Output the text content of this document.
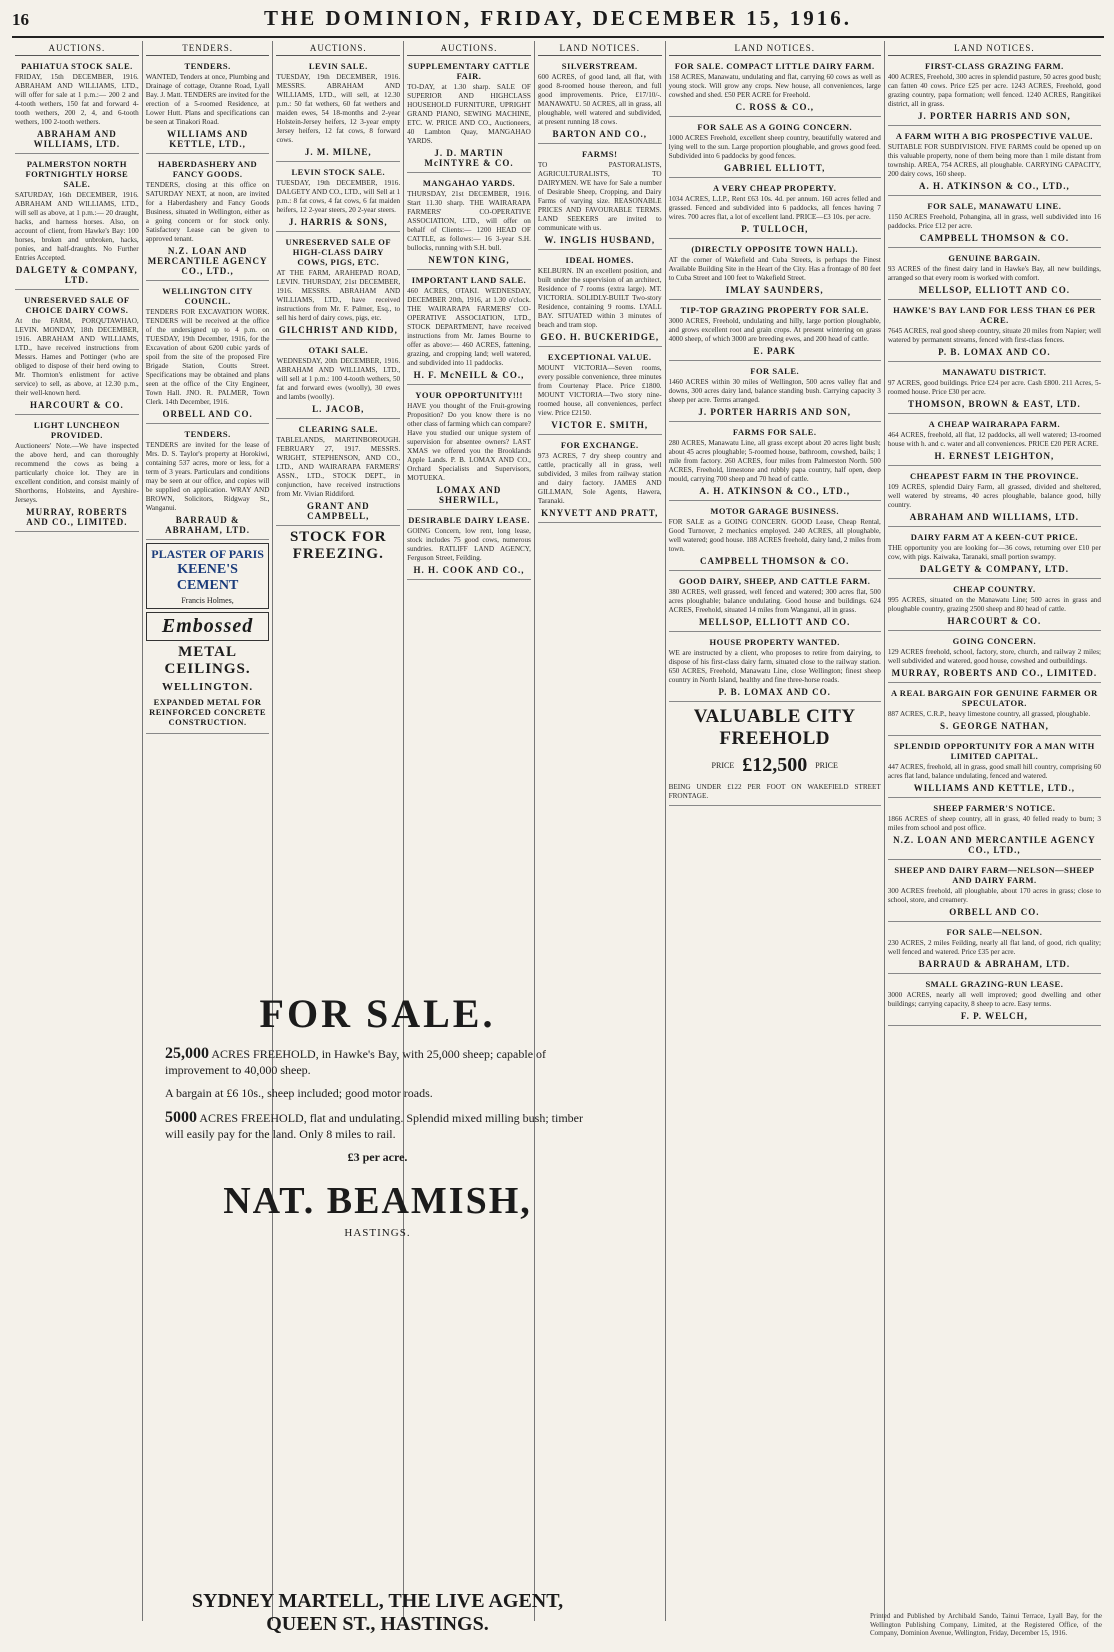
16	THE DOMINION, FRIDAY, DECEMBER 15, 1916.
AUCTIONS.
PAHIATUA STOCK SALE.

FRIDAY, 15th DECEMBER, 1916. ABRAHAM AND WILLIAMS, LTD., will offer for sale at 1 p.m.:— 200 2 and 4-tooth wethers, 150 fat and forward 4-tooth wethers, 200 2, 4, and 6-tooth wethers, 100 2-tooth wethers.

ABRAHAM AND WILLIAMS, LTD.
PALMERSTON NORTH FORTNIGHTLY HORSE SALE.

SATURDAY, 16th DECEMBER, 1916. ABRAHAM AND WILLIAMS, LTD., will sell as above, at 1 p.m.:— 20 draught, hacks, and harness horses. Also, on account of client, from Hawke's Bay: 100 horses, broken and unbroken, hacks, ponies, and half-draughts. No Further Entries Accepted.

DALGETY & COMPANY, LTD.
UNRESERVED SALE OF CHOICE DAIRY COWS.

At the FARM, PORQUTAWHAO, LEVIN. MONDAY, 18th DECEMBER, 1916. ABRAHAM AND WILLIAMS, LTD., have received instructions from Messrs. Hames and Pottinger (who are obliged to dispose of their herd owing to Mr. Thornton's enlistment for active service) to sell, as above, at 12.30 p.m., their well-known herd.

HARCOURT & CO.
LIGHT LUNCHEON PROVIDED.

Auctioneers' Note.—We have inspected the above herd, and can thoroughly recommend the cows as being a particularly choice lot. They are in excellent condition, and consist mainly of Shorthorns, Holsteins, and Ayrshire-Jerseys.

MURRAY, ROBERTS AND CO., LIMITED.
TENDERS.
TENDERS.

WANTED, Tenders at once, Plumbing and Drainage of cottage, Ozanne Road, Lyall Bay. J. Matt. TENDERS are invited for the erection of a 5-roomed Residence, at Lower Hutt. Plans and specifications can be seen at Tinakori Road.

WILLIAMS AND KETTLE, LTD.,
HABERDASHERY AND FANCY GOODS.

TENDERS, closing at this office on SATURDAY NEXT, at noon, are invited for a Haberdashery and Fancy Goods Business, situated in Wellington, either as a going concern or for stock only. Satisfactory Lease can be given to approved tenant.

N.Z. LOAN AND MERCANTILE AGENCY CO., LTD.,
WELLINGTON CITY COUNCIL.

TENDERS FOR EXCAVATION WORK. TENDERS will be received at the office of the undersigned up to 4 p.m. on TUESDAY, 19th December, 1916, for the Excavation of about 6200 cubic yards of spoil from the site of the proposed Fire Brigade Station, Coutts Street. Specifications may be obtained and plans seen at the office of the City Engineer, Town Hall. JNO. R. PALMER, Town Clerk. 14th December, 1916.

ORBELL AND CO.
TENDERS.

TENDERS are invited for the lease of Mrs. D. S. Taylor's property at Horokiwi, containing 537 acres, more or less, for a term of 3 years. Particulars and conditions may be seen at our office, and copies will be supplied on application. WRAY AND BROWN, Solicitors, Ridgway St., Wanganui.

BARRAUD & ABRAHAM, LTD.
PLASTER OF PARIS
KEENE'S
CEMENT
Francis Holmes,
Embossed
METAL CEILINGS.
WELLINGTON.
EXPANDED METAL FOR REINFORCED CONCRETE CONSTRUCTION.
AUCTIONS.
LEVIN SALE.

TUESDAY, 19th DECEMBER, 1916. MESSRS. ABRAHAM AND WILLIAMS, LTD., will sell, at 12.30 p.m.: 50 fat wethers, 60 fat wethers and maiden ewes, 54 18-months and 2-year Holstein-Jersey heifers, 12 3-year empty Jersey heifers, 12 fat cows, 8 forward cows.

J. M. MILNE,
LEVIN STOCK SALE.

TUESDAY, 19th DECEMBER, 1916. DALGETY AND CO., LTD., will Sell at 1 p.m.: 8 fat cows, 4 fat cows, 6 fat maiden heifers, 12 2-year steers, 20 2-year steers.

J. HARRIS & SONS,
UNRESERVED SALE OF HIGH-CLASS DAIRY COWS, PIGS, ETC.

AT THE FARM, ARAHEPAD ROAD, LEVIN. THURSDAY, 21st DECEMBER, 1916. MESSRS. ABRAHAM AND WILLIAMS, LTD., have received instructions from Mr. F. Palmer, Esq., to sell his herd of dairy cows, pigs, etc.

GILCHRIST AND KIDD,
OTAKI SALE.

WEDNESDAY, 20th DECEMBER, 1916. ABRAHAM AND WILLIAMS, LTD., will sell at 1 p.m.: 100 4-tooth wethers, 50 fat and forward ewes (woolly), 30 ewes and lambs (woolly).

L. JACOB,
CLEARING SALE.

TABLELANDS, MARTINBOROUGH. FEBRUARY 27, 1917. MESSRS. WRIGHT, STEPHENSON, AND CO., LTD., AND WAIRARAPA FARMERS' ASSN., LTD., STOCK DEPT., in conjunction, have received instructions from Mr. Vivian Riddiford.

GRANT AND CAMPBELL,
STOCK FOR FREEZING.
AUCTIONS.
SUPPLEMENTARY CATTLE FAIR.

TO-DAY, at 1.30 sharp. SALE OF SUPERIOR AND HIGHCLASS HOUSEHOLD FURNITURE, UPRIGHT GRAND PIANO, SEWING MACHINE, ETC. W. PRICE AND CO., Auctioneers, 40 Lambton Quay, MANGAHAO YARDS.

J. D. MARTIN McINTYRE & CO.
MANGAHAO YARDS.

THURSDAY, 21st DECEMBER, 1916. Start 11.30 sharp. THE WAIRARAPA FARMERS' CO-OPERATIVE ASSOCIATION, LTD., will offer on behalf of Clients:— 1200 HEAD OF CATTLE, as follows:— 16 3-year S.H. bullocks, running with S.H. bull.

NEWTON KING,
IMPORTANT LAND SALE.

460 ACRES, OTAKI. WEDNESDAY, DECEMBER 20th, 1916, at 1.30 o'clock. THE WAIRARAPA FARMERS' CO-OPERATIVE ASSOCIATION, LTD., STOCK DEPARTMENT, have received instructions from Mr. James Bourne to offer as above:— 460 ACRES, fattening, grazing, and cropping land; well watered, and subdivided into 11 paddocks.

H. F. McNEILL & CO.,
YOUR OPPORTUNITY!!!

HAVE you thought of the Fruit-growing Proposition? Do you know there is no other class of farming which can compare? Have you studied our unique system of supervision for absentee owners? LAST XMAS we offered you the Brooklands Apple Lands. P. B. LOMAX AND CO., Orchard Specialists and Supervisors, MOTUEKA.

LOMAX AND SHERWILL,
DESIRABLE DAIRY LEASE.

GOING Concern, low rent, long lease, stock includes 75 good cows, numerous sundries. RATLIFF LAND AGENCY, Ferguson Street, Feilding.

H. H. COOK AND CO.,
LAND NOTICES.
SILVERSTREAM.

600 ACRES, of good land, all flat, with good 8-roomed house thereon, and full good improvements. Price, £17/10/-. MANAWATU. 50 ACRES, all in grass, all ploughable, well watered and subdivided, at present running 18 cows.

BARTON AND CO.,
FARMS!

TO PASTORALISTS, AGRICULTURALISTS, TO DAIRYMEN. WE have for Sale a number of Desirable Sheep, Cropping, and Dairy Farms of varying size. REASONABLE PRICES AND FAVOURABLE TERMS. LAND SEEKERS are invited to communicate with us.

W. INGLIS HUSBAND,
IDEAL HOMES.

KELBURN. IN an excellent position, and built under the supervision of an architect, Residence of 7 rooms (extra large). MT. VICTORIA. SOLIDLY-BUILT Two-story Residence, containing 9 rooms. LYALL BAY. SITUATED within 3 minutes of beach and tram stop.

GEO. H. BUCKERIDGE,
EXCEPTIONAL VALUE.

MOUNT VICTORIA—Seven rooms, every possible convenience, three minutes from Courtenay Place. Price £1800. MOUNT VICTORIA—Two story nine-roomed house, all conveniences, perfect view. Price £2150.

VICTOR E. SMITH,
FOR EXCHANGE.

973 ACRES, 7 dry sheep country and cattle, practically all in grass, well subdivided, 3 miles from railway station and dairy factory. JAMES AND GILLMAN, Sole Agents, Hawera, Taranaki.

KNYVETT AND PRATT,
LAND NOTICES.
FOR SALE. COMPACT LITTLE DAIRY FARM.

158 ACRES, Manawatu, undulating and flat, carrying 60 cows as well as young stock. Will grow any crops. New house, all conveniences, large cowshed and shed. £50 PER ACRE for Freehold.

C. ROSS & CO.,
FOR SALE AS A GOING CONCERN.

1000 ACRES Freehold, excellent sheep country, beautifully watered and lying well to the sun. Large proportion ploughable, and grows good feed. Subdivided into 6 paddocks by good fences.

GABRIEL ELLIOTT,
A VERY CHEAP PROPERTY.

1034 ACRES, L.I.P., Rent £63 10s. 4d. per annum. 160 acres felled and grassed. Fenced and subdivided into 6 paddocks, all fences having 7 wires. 700 acres flat, a lot of excellent land. PRICE—£3 10s. per acre.

P. TULLOCH,
(DIRECTLY OPPOSITE TOWN HALL).

AT the corner of Wakefield and Cuba Streets, is perhaps the Finest Available Building Site in the Heart of the City. Has a frontage of 80 feet to Cuba Street and 100 feet to Wakefield Street.

IMLAY SAUNDERS,
TIP-TOP GRAZING PROPERTY FOR SALE.

3000 ACRES, Freehold, undulating and hilly, large portion ploughable, and grows excellent root and grain crops. At present wintering on grass 4000 sheep, of which 3000 are breeding ewes, and 200 head of cattle.

E. PARK
FOR SALE.

1460 ACRES within 30 miles of Wellington, 500 acres valley flat and downs, 300 acres dairy land, balance standing bush. Carrying capacity 3 sheep per acre. Terms arranged.

J. PORTER HARRIS AND SON,
FARMS FOR SALE.

280 ACRES, Manawatu Line, all grass except about 20 acres light bush; about 45 acres ploughable; 5-roomed house, bathroom, cowshed, bails; 1 mile from factory. 260 ACRES, four miles from Palmerston North. 500 ACRES, Freehold, limestone and rubbly papa country, half open, deep mould, carrying 700 sheep and 70 head of cattle.

A. H. ATKINSON & CO., LTD.,
MOTOR GARAGE BUSINESS.

FOR SALE as a GOING CONCERN. GOOD Lease, Cheap Rental, Good Turnover, 2 mechanics employed. 240 ACRES, all ploughable, well watered; good house. 188 ACRES freehold, dairy land, 2 miles from town.

CAMPBELL THOMSON & CO.
GOOD DAIRY, SHEEP, AND CATTLE FARM.

380 ACRES, well grassed, well fenced and watered; 300 acres flat, 500 acres ploughable; balance undulating. Good house and buildings. 624 ACRES, Freehold, situated 14 miles from Wanganui, all in grass.

MELLSOP, ELLIOTT AND CO.
HOUSE PROPERTY WANTED.

WE are instructed by a client, who proposes to retire from dairying, to dispose of his first-class dairy farm, situated close to the railway station. 650 ACRES, Freehold, Manawatu Line, close Wellington; finest sheep country in North Island, healthy and fine three-horse roads.

P. B. LOMAX AND CO.
VALUABLE CITY FREEHOLD
PRICE £12,500 PRICE

BEING UNDER £122 PER FOOT ON WAKEFIELD STREET FRONTAGE.

LAND NOTICES.
FIRST-CLASS GRAZING FARM.

400 ACRES, Freehold, 300 acres in splendid pasture, 50 acres good bush; can fatten 40 cows. Price £25 per acre. 1243 ACRES, Freehold, good grazing country, papa formation; well fenced. 1240 ACRES, Rangitikei district, all in grass.

J. PORTER HARRIS AND SON,
A FARM WITH A BIG PROSPECTIVE VALUE.

SUITABLE FOR SUBDIVISION. FIVE FARMS could be opened up on this valuable property, none of them being more than 1 mile distant from township. AREA, 754 ACRES, all ploughable. CARRYING CAPACITY, 200 dairy cows, 160 sheep.

A. H. ATKINSON & CO., LTD.,
FOR SALE, MANAWATU LINE.

1150 ACRES Freehold, Pohangina, all in grass, well subdivided into 16 paddocks. Price £12 per acre.

CAMPBELL THOMSON & CO.
GENUINE BARGAIN.

93 ACRES of the finest dairy land in Hawke's Bay, all new buildings, arranged so that every room is worked with comfort.

MELLSOP, ELLIOTT AND CO.
HAWKE'S BAY LAND FOR LESS THAN £6 PER ACRE.

7645 ACRES, real good sheep country, situate 20 miles from Napier; well watered by permanent streams, fenced with first-class fences.

P. B. LOMAX AND CO.
MANAWATU DISTRICT.

97 ACRES, good buildings. Price £24 per acre. Cash £800. 211 Acres, 5-roomed house. Price £30 per acre.

THOMSON, BROWN & EAST, LTD.
A CHEAP WAIRARAPA FARM.

464 ACRES, freehold, all flat, 12 paddocks, all well watered; 13-roomed house with h. and c. water and all conveniences. PRICE £20 PER ACRE.

H. ERNEST LEIGHTON,
CHEAPEST FARM IN THE PROVINCE.

109 ACRES, splendid Dairy Farm, all grassed, divided and sheltered, well watered by streams, 40 acres ploughable, balance good, hilly country.

ABRAHAM AND WILLIAMS, LTD.
DAIRY FARM AT A KEEN-CUT PRICE.

THE opportunity you are looking for—36 cows, returning over £10 per cow, with pigs. Kaiwaka, Taranaki, small portion swampy.

DALGETY & COMPANY, LTD.
CHEAP COUNTRY.

995 ACRES, situated on the Manawatu Line; 500 acres in grass and ploughable country, grazing 2500 sheep and 80 head of cattle.

HARCOURT & CO.
GOING CONCERN.

129 ACRES freehold, school, factory, store, church, and railway 2 miles; well subdivided and watered, good house, cowshed and outbuildings.

MURRAY, ROBERTS AND CO., LIMITED.
A REAL BARGAIN FOR GENUINE FARMER OR SPECULATOR.

887 ACRES, C.R.P., heavy limestone country, all grassed, ploughable.

S. GEORGE NATHAN,
SPLENDID OPPORTUNITY FOR A MAN WITH LIMITED CAPITAL.

447 ACRES, freehold, all in grass, good small hill country, comprising 60 acres flat land, balance undulating, fenced and watered.

WILLIAMS AND KETTLE, LTD.,
SHEEP FARMER'S NOTICE.

1866 ACRES of sheep country, all in grass, 40 felled ready to burn; 3 miles from school and post office.

N.Z. LOAN AND MERCANTILE AGENCY CO., LTD.,
SHEEP AND DAIRY FARM—NELSON—SHEEP AND DAIRY FARM.

300 ACRES freehold, all ploughable, about 170 acres in grass; close to school, store, and creamery.

ORBELL AND CO.
FOR SALE—NELSON.

230 ACRES, 2 miles Feilding, nearly all flat land, of good, rich quality; well fenced and watered. Price £35 per acre.

BARRAUD & ABRAHAM, LTD.
SMALL GRAZING-RUN LEASE.

3000 ACRES, nearly all well improved; good dwelling and other buildings; carrying capacity, 8 sheep to acre. Easy terms.

F. P. WELCH,
FOR SALE.
25,000 ACRES FREEHOLD, in Hawke's Bay, with 25,000 sheep; capable of improvement to 40,000 sheep.
A bargain at £6 10s., sheep included; good motor roads.
5000 ACRES FREEHOLD, flat and undulating. Splendid mixed milling bush; timber will easily pay for the land. Only 8 miles to rail.
£3 per acre.
NAT. BEAMISH,
HASTINGS.
SYDNEY MARTELL, THE LIVE AGENT, QUEEN ST., HASTINGS.	Printed and Published by Archibald Sando, Tainui Terrace, Lyall Bay, for the Wellington Publishing Company, Limited, at the Registered Office, of the Company, Dominion Avenue, Wellington, Friday, December 15, 1916.
